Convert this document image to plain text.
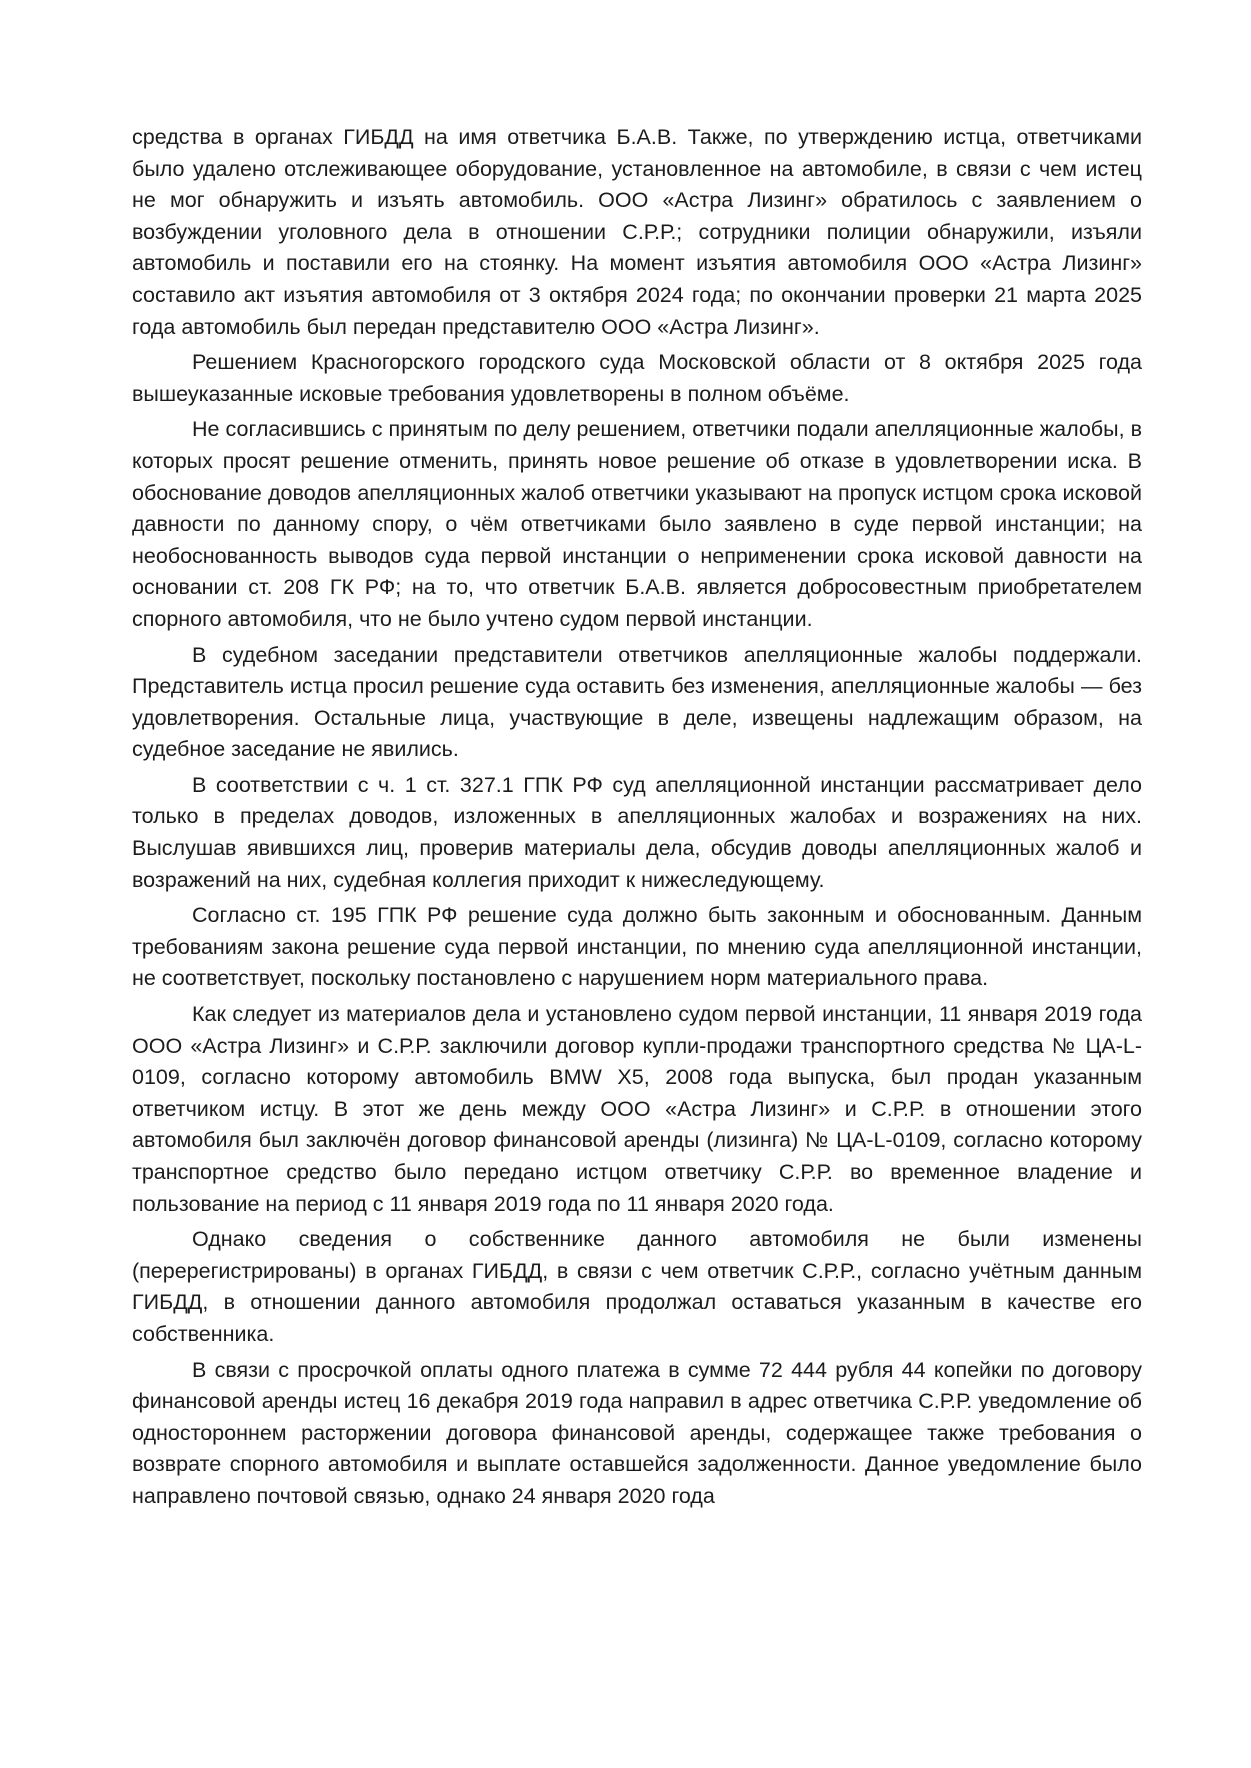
средства в органах ГИБДД на имя ответчика Б.А.В. Также, по утверждению истца, ответчиками было удалено отслеживающее оборудование, установленное на автомобиле, в связи с чем истец не мог обнаружить и изъять автомобиль. ООО «Астра Лизинг» обратилось с заявлением о возбуждении уголовного дела в отношении С.Р.Р.; сотрудники полиции обнаружили, изъяли автомобиль и поставили его на стоянку. На момент изъятия автомобиля ООО «Астра Лизинг» составило акт изъятия автомобиля от 3 октября 2024 года; по окончании проверки 21 марта 2025 года автомобиль был передан представителю ООО «Астра Лизинг».

Решением Красногорского городского суда Московской области от 8 октября 2025 года вышеуказанные исковые требования удовлетворены в полном объёме.

Не согласившись с принятым по делу решением, ответчики подали апелляционные жалобы, в которых просят решение отменить, принять новое решение об отказе в удовлетворении иска. В обоснование доводов апелляционных жалоб ответчики указывают на пропуск истцом срока исковой давности по данному спору, о чём ответчиками было заявлено в суде первой инстанции; на необоснованность выводов суда первой инстанции о неприменении срока исковой давности на основании ст. 208 ГК РФ; на то, что ответчик Б.А.В. является добросовестным приобретателем спорного автомобиля, что не было учтено судом первой инстанции.

В судебном заседании представители ответчиков апелляционные жалобы поддержали. Представитель истца просил решение суда оставить без изменения, апелляционные жалобы — без удовлетворения. Остальные лица, участвующие в деле, извещены надлежащим образом, на судебное заседание не явились.

В соответствии с ч. 1 ст. 327.1 ГПК РФ суд апелляционной инстанции рассматривает дело только в пределах доводов, изложенных в апелляционных жалобах и возражениях на них. Выслушав явившихся лиц, проверив материалы дела, обсудив доводы апелляционных жалоб и возражений на них, судебная коллегия приходит к нижеследующему.

Согласно ст. 195 ГПК РФ решение суда должно быть законным и обоснованным. Данным требованиям закона решение суда первой инстанции, по мнению суда апелляционной инстанции, не соответствует, поскольку постановлено с нарушением норм материального права.

Как следует из материалов дела и установлено судом первой инстанции, 11 января 2019 года ООО «Астра Лизинг» и С.Р.Р. заключили договор купли-продажи транспортного средства № ЦА-L-0109, согласно которому автомобиль BMW X5, 2008 года выпуска, был продан указанным ответчиком истцу. В этот же день между ООО «Астра Лизинг» и С.Р.Р. в отношении этого автомобиля был заключён договор финансовой аренды (лизинга) № ЦА-L-0109, согласно которому транспортное средство было передано истцом ответчику С.Р.Р. во временное владение и пользование на период с 11 января 2019 года по 11 января 2020 года.

Однако сведения о собственнике данного автомобиля не были изменены (перерегистрированы) в органах ГИБДД, в связи с чем ответчик С.Р.Р., согласно учётным данным ГИБДД, в отношении данного автомобиля продолжал оставаться указанным в качестве его собственника.

В связи с просрочкой оплаты одного платежа в сумме 72 444 рубля 44 копейки по договору финансовой аренды истец 16 декабря 2019 года направил в адрес ответчика С.Р.Р. уведомление об одностороннем расторжении договора финансовой аренды, содержащее также требования о возврате спорного автомобиля и выплате оставшейся задолженности. Данное уведомление было направлено почтовой связью, однако 24 января 2020 года
